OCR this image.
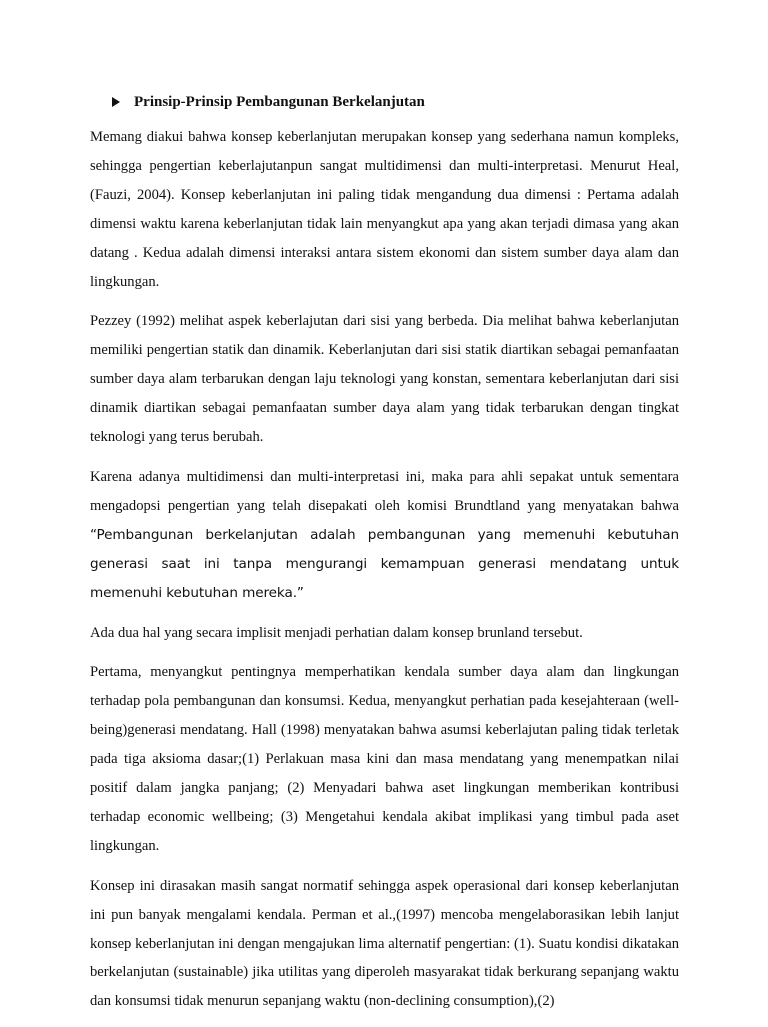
Prinsip-Prinsip Pembangunan Berkelanjutan

Memang diakui bahwa konsep keberlanjutan merupakan konsep yang sederhana namun kompleks, sehingga pengertian keberlajutanpun sangat multidimensi dan multi-interpretasi. Menurut Heal, (Fauzi, 2004). Konsep keberlanjutan ini paling tidak mengandung dua dimensi : Pertama adalah dimensi waktu karena keberlanjutan tidak lain menyangkut apa yang akan terjadi dimasa yang akan datang . Kedua adalah dimensi interaksi antara sistem ekonomi dan sistem sumber daya alam dan lingkungan.

Pezzey (1992) melihat aspek keberlajutan dari sisi yang berbeda. Dia melihat bahwa keberlanjutan memiliki pengertian statik dan dinamik. Keberlanjutan dari sisi statik diartikan sebagai pemanfaatan sumber daya alam terbarukan dengan laju teknologi yang konstan, sementara keberlanjutan dari sisi dinamik diartikan sebagai pemanfaatan sumber daya alam yang tidak terbarukan dengan tingkat teknologi yang terus berubah.

Karena adanya multidimensi dan multi-interpretasi ini, maka para ahli sepakat untuk sementara mengadopsi pengertian yang telah disepakati oleh komisi Brundtland yang menyatakan bahwa “Pembangunan berkelanjutan adalah pembangunan yang memenuhi kebutuhan generasi saat ini tanpa mengurangi kemampuan generasi mendatang untuk memenuhi kebutuhan mereka.”

Ada dua hal yang secara implisit menjadi perhatian dalam konsep brunland tersebut.

Pertama, menyangkut pentingnya memperhatikan kendala sumber daya alam dan lingkungan terhadap pola pembangunan dan konsumsi. Kedua, menyangkut perhatian pada kesejahteraan (well-being)generasi mendatang. Hall (1998) menyatakan bahwa asumsi keberlajutan paling tidak terletak pada tiga aksioma dasar;(1) Perlakuan masa kini dan masa mendatang yang menempatkan nilai positif dalam jangka panjang; (2) Menyadari bahwa aset lingkungan memberikan kontribusi terhadap economic wellbeing; (3) Mengetahui kendala akibat implikasi yang timbul pada aset lingkungan.

Konsep ini dirasakan masih sangat normatif sehingga aspek operasional dari konsep keberlanjutan ini pun banyak mengalami kendala. Perman et al.,(1997) mencoba mengelaborasikan lebih lanjut konsep keberlanjutan ini dengan mengajukan lima alternatif pengertian: (1). Suatu kondisi dikatakan berkelanjutan (sustainable) jika utilitas yang diperoleh masyarakat tidak berkurang sepanjang waktu dan konsumsi tidak menurun sepanjang waktu (non-declining consumption),(2)
